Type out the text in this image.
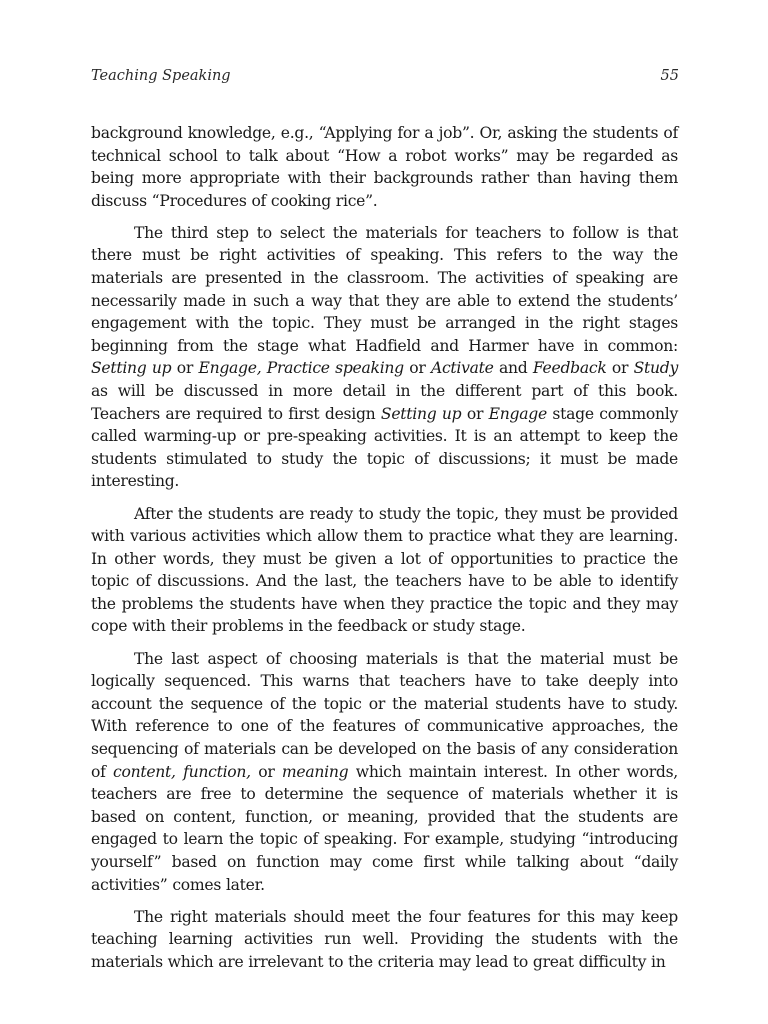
Teaching Speaking	55

background knowledge, e.g., “Applying for a job”. Or, asking the students of technical school to talk about “How a robot works” may be regarded as being more appropriate with their backgrounds rather than having them discuss “Procedures of cooking rice”.

The third step to select the materials for teachers to follow is that there must be right activities of speaking. This refers to the way the materials are presented in the classroom. The activities of speaking are necessarily made in such a way that they are able to extend the students’ engagement with the topic. They must be arranged in the right stages beginning from the stage what Hadfield and Harmer have in common: Setting up or Engage, Practice speaking or Activate and Feedback or Study as will be discussed in more detail in the different part of this book. Teachers are required to first design Setting up or Engage stage commonly called warming-up or pre-speaking activities. It is an attempt to keep the students stimulated to study the topic of discussions; it must be made interesting.

After the students are ready to study the topic, they must be provided with various activities which allow them to practice what they are learning. In other words, they must be given a lot of opportunities to practice the topic of discussions. And the last, the teachers have to be able to identify the problems the students have when they practice the topic and they may cope with their problems in the feedback or study stage.

The last aspect of choosing materials is that the material must be logically sequenced. This warns that teachers have to take deeply into account the sequence of the topic or the material students have to study. With reference to one of the features of communicative approaches, the sequencing of materials can be developed on the basis of any consideration of content, function, or meaning which maintain interest. In other words, teachers are free to determine the sequence of materials whether it is based on content, function, or meaning, provided that the students are engaged to learn the topic of speaking. For example, studying “introducing yourself” based on function may come first while talking about “daily activities” comes later.

The right materials should meet the four features for this may keep teaching learning activities run well. Providing the students with the materials which are irrelevant to the criteria may lead to great difficulty in
